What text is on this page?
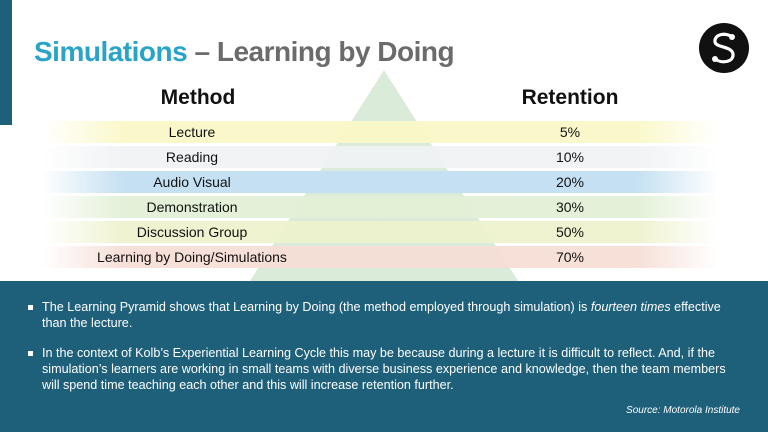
Simulations – Learning by Doing
Method	Retention
Lecture	5%
Reading	10%
Audio Visual	20%
Demonstration	30%
Discussion Group	50%
Learning by Doing/Simulations	70%
The Learning Pyramid shows that Learning by Doing (the method employed through simulation) is fourteen times effective than the lecture.
In the context of Kolb’s Experiential Learning Cycle this may be because during a lecture it is difficult to reflect. And, if the simulation’s learners are working in small teams with diverse business experience and knowledge, then the team members will spend time teaching each other and this will increase retention further.
Source: Motorola Institute
